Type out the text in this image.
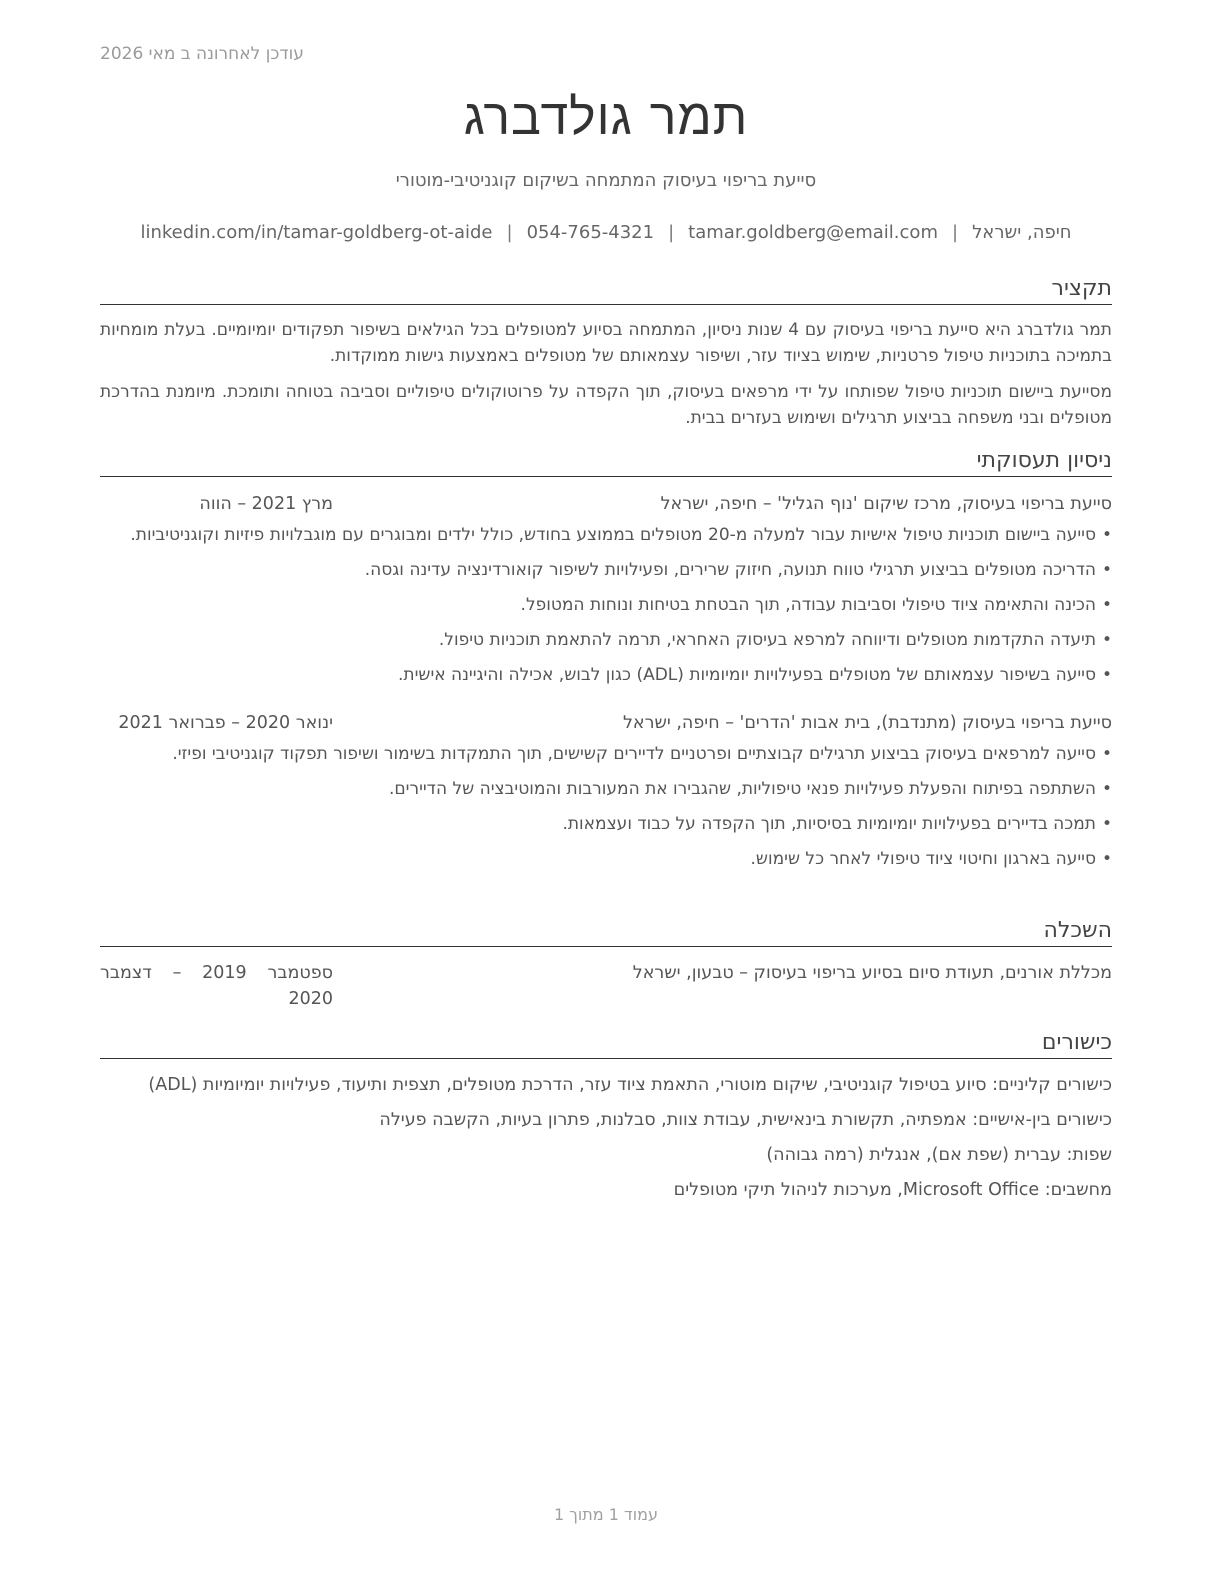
עודכן לאחרונה ב מאי 2026
תמר גולדברג
סייעת בריפוי בעיסוק המתמחה בשיקום קוגניטיבי-מוטורי
חיפה, ישראל|tamar.goldberg@email.com|054-765-4321|linkedin.com/in/tamar-goldberg-ot-aide
תקציר

תמר גולדברג היא סייעת בריפוי בעיסוק עם 4 שנות ניסיון, המתמחה בסיוע למטופלים בכל הגילאים בשיפור תפקודים יומיומיים. בעלת מומחיות בתמיכה בתוכניות טיפול פרטניות, שימוש בציוד עזר, ושיפור עצמאותם של מטופלים באמצעות גישות ממוקדות.

מסייעת ביישום תוכניות טיפול שפותחו על ידי מרפאים בעיסוק, תוך הקפדה על פרוטוקולים טיפוליים וסביבה בטוחה ותומכת. מיומנת בהדרכת מטופלים ובני משפחה בביצוע תרגילים ושימוש בעזרים בבית.

ניסיון תעסוקתי
סייעת בריפוי בעיסוק, מרכז שיקום 'נוף הגליל' – חיפה, ישראל
מרץ 2021 – הווה
•
סייעה ביישום תוכניות טיפול אישיות עבור למעלה מ-20 מטופלים בממוצע בחודש, כולל ילדים ומבוגרים עם מוגבלויות פיזיות וקוגניטיביות.
•
הדריכה מטופלים בביצוע תרגילי טווח תנועה, חיזוק שרירים, ופעילויות לשיפור קואורדינציה עדינה וגסה.
•
הכינה והתאימה ציוד טיפולי וסביבות עבודה, תוך הבטחת בטיחות ונוחות המטופל.
•
תיעדה התקדמות מטופלים ודיווחה למרפא בעיסוק האחראי, תרמה להתאמת תוכניות טיפול.
•
סייעה בשיפור עצמאותם של מטופלים בפעילויות יומיומיות (ADL) כגון לבוש, אכילה והיגיינה אישית.
סייעת בריפוי בעיסוק (מתנדבת), בית אבות 'הדרים' – חיפה, ישראל
ינואר 2020 – פברואר 2021
•
סייעה למרפאים בעיסוק בביצוע תרגילים קבוצתיים ופרטניים לדיירים קשישים, תוך התמקדות בשימור ושיפור תפקוד קוגניטיבי ופיזי.
•
השתתפה בפיתוח והפעלת פעילויות פנאי טיפוליות, שהגבירו את המעורבות והמוטיבציה של הדיירים.
•
תמכה בדיירים בפעילויות יומיומיות בסיסיות, תוך הקפדה על כבוד ועצמאות.
•
סייעה בארגון וחיטוי ציוד טיפולי לאחר כל שימוש.
השכלה
מכללת אורנים, תעודת סיום בסיוע בריפוי בעיסוק – טבעון, ישראל
ספטמבר 2019 – דצמבר 2020
כישורים
כישורים קליניים: סיוע בטיפול קוגניטיבי, שיקום מוטורי, התאמת ציוד עזר, הדרכת מטופלים, תצפית ותיעוד, פעילויות יומיומיות (ADL)
כישורים בין-אישיים: אמפתיה, תקשורת בינאישית, עבודת צוות, סבלנות, פתרון בעיות, הקשבה פעילה
שפות: עברית (שפת אם), אנגלית (רמה גבוהה)
מחשבים: Microsoft Office, מערכות לניהול תיקי מטופלים
עמוד 1 מתוך 1
